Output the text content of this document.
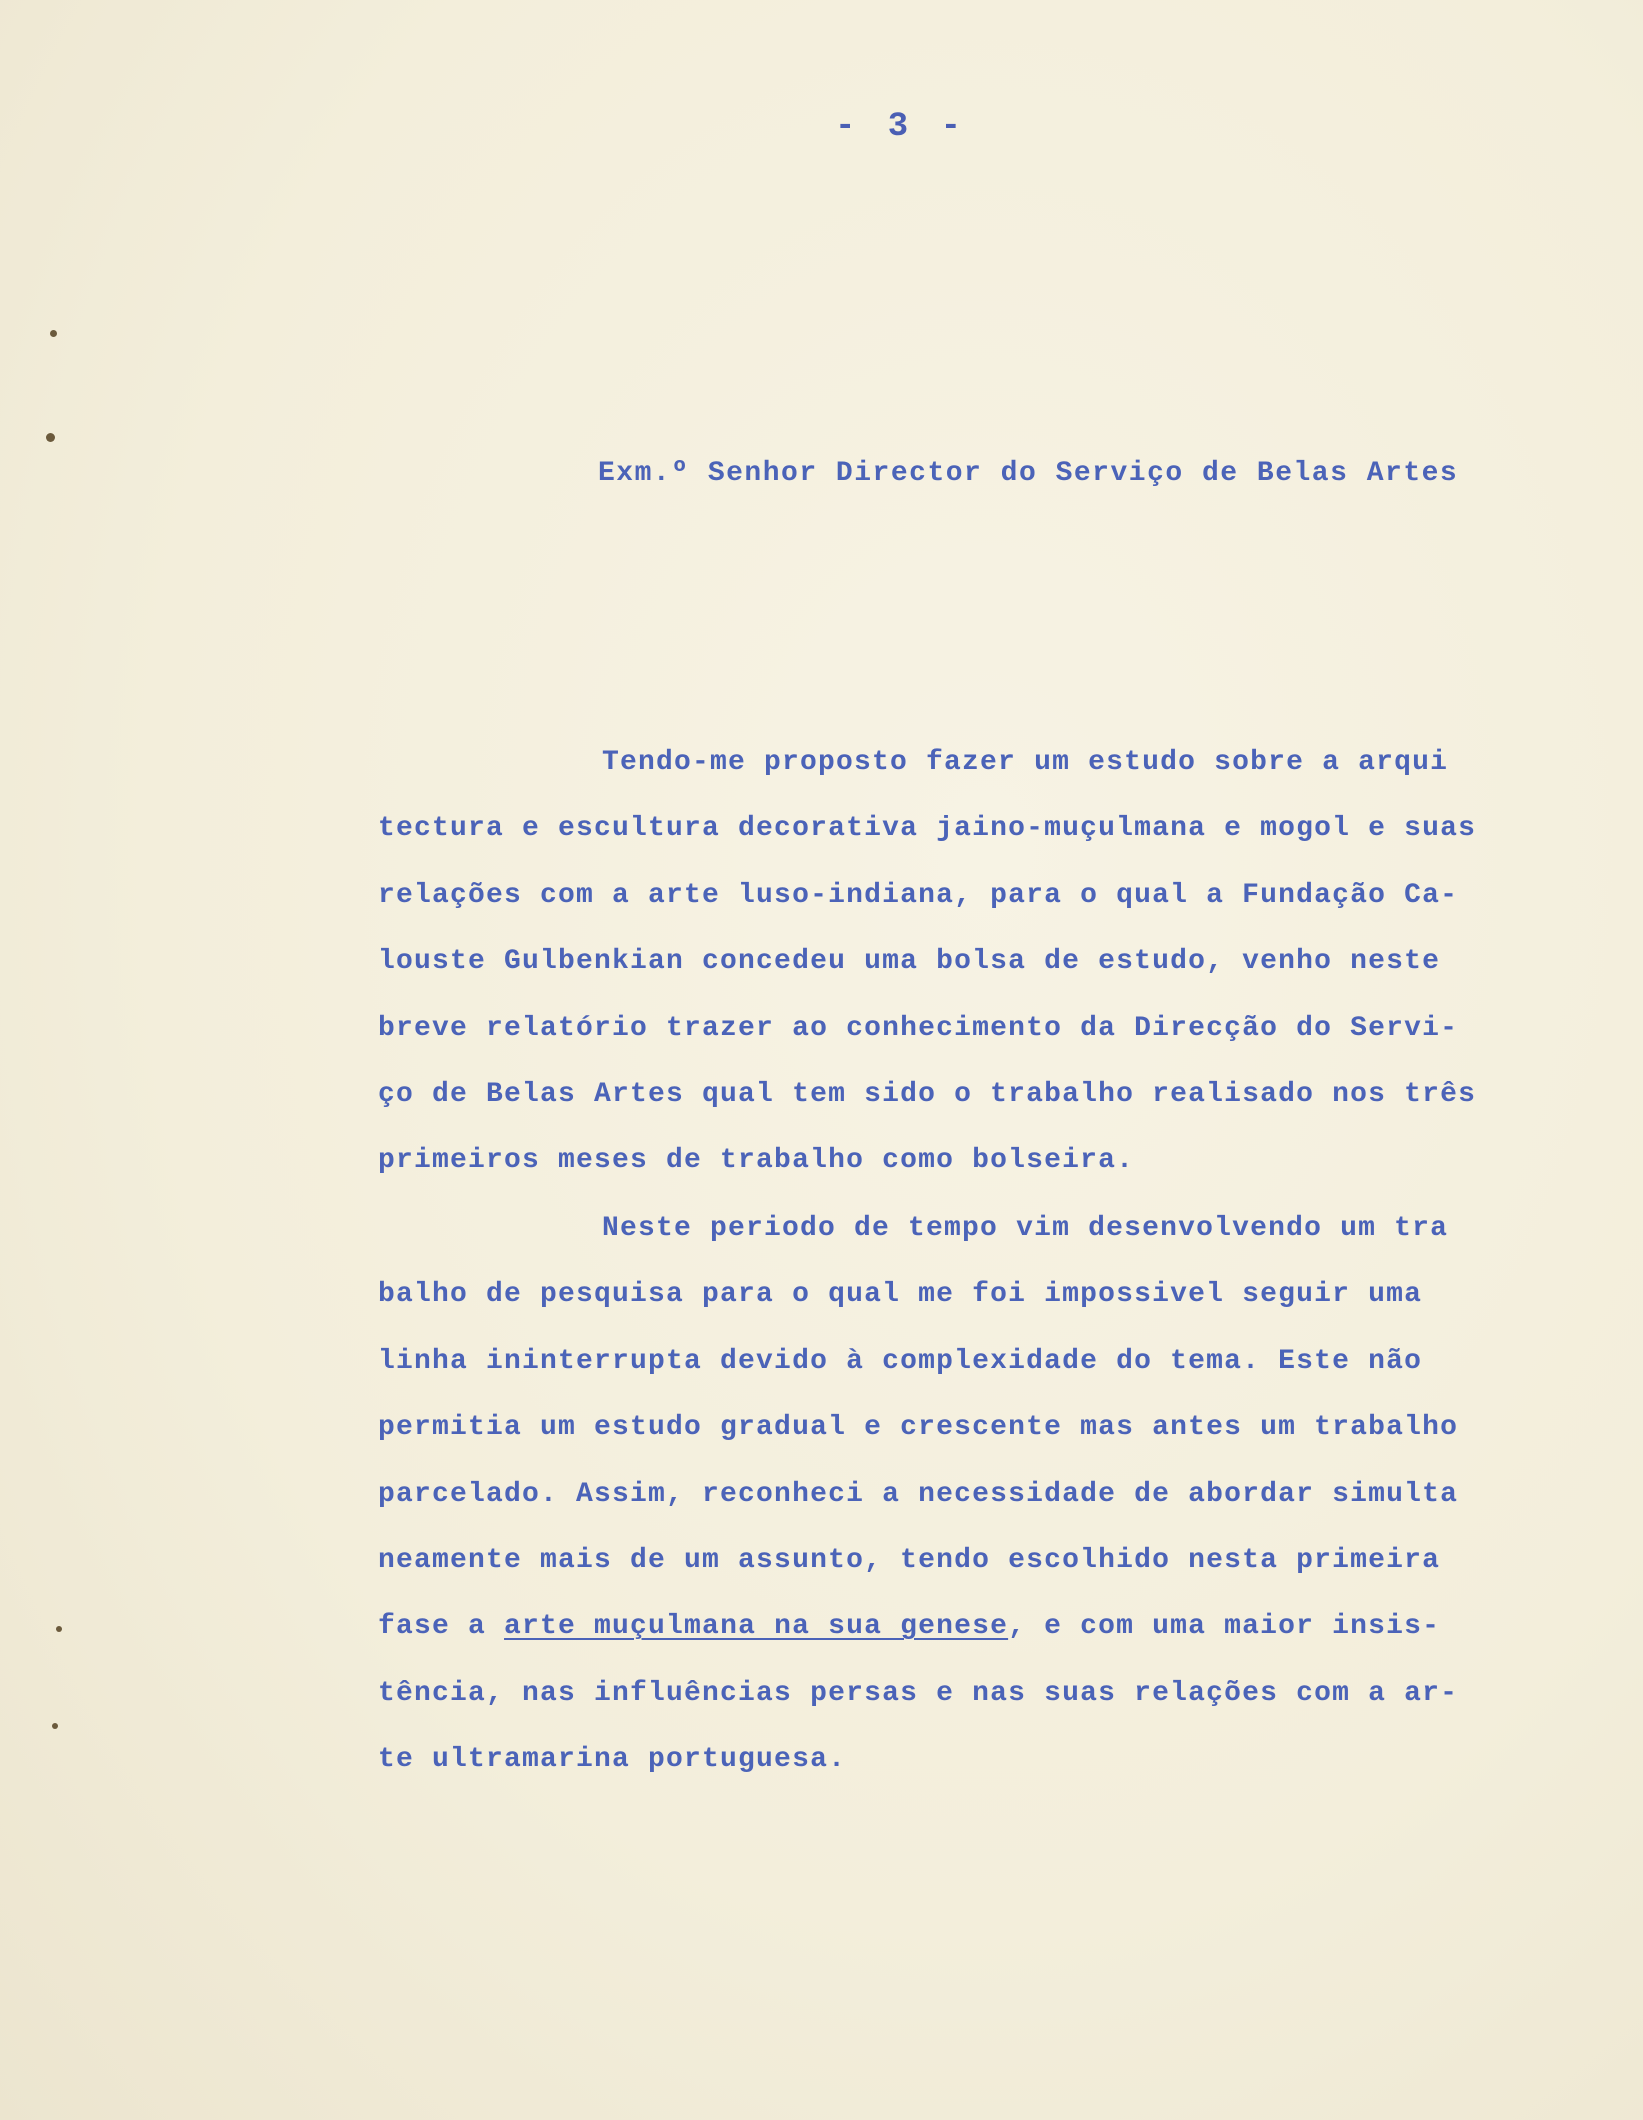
- 3 -
Exm.º Senhor Director do Serviço de Belas Artes
Tendo-me proposto fazer um estudo sobre a arqui
tectura e escultura decorativa jaino-muçulmana e mogol e suas
relações com a arte luso-indiana, para o qual a Fundação Ca-
louste Gulbenkian concedeu uma bolsa de estudo, venho neste
breve relatório trazer ao conhecimento da Direcção do Servi-
ço de Belas Artes qual tem sido o trabalho realisado nos três
primeiros meses de trabalho como bolseira.
Neste periodo de tempo vim desenvolvendo um tra
balho de pesquisa para o qual me foi impossivel seguir uma
linha ininterrupta devido à complexidade do tema. Este não
permitia um estudo gradual e crescente mas antes um trabalho
parcelado. Assim, reconheci a necessidade de abordar simulta
neamente mais de um assunto, tendo escolhido nesta primeira
fase a arte muçulmana na sua genese, e com uma maior insis-
tência, nas influências persas e nas suas relações com a ar-
te ultramarina portuguesa.
